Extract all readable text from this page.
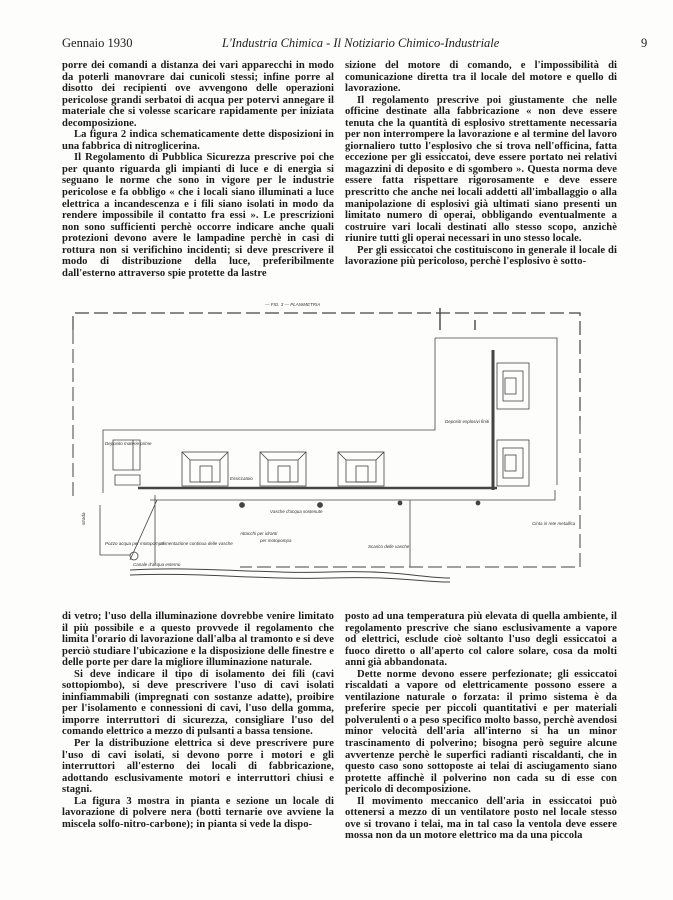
Gennaio 1930	L'Industria Chimica - Il Notiziario Chimico-Industriale	9

porre dei comandi a distanza dei vari apparecchi in modo da poterli manovrare dai cunicoli stessi; infine porre al disotto dei recipienti ove avvengono delle operazioni pericolose grandi serbatoi di acqua per potervi annegare il materiale che si volesse scaricare rapidamente per iniziata decomposizione.

La figura 2 indica schematicamente dette disposizioni in una fabbrica di nitroglicerina.

Il Regolamento di Pubblica Sicurezza prescrive poi che per quanto riguarda gli impianti di luce e di energia si seguano le norme che sono in vigore per le industrie pericolose e fa obbligo « che i locali siano illuminati a luce elettrica a incandescenza e i fili siano isolati in modo da rendere impossibile il contatto fra essi ». Le prescrizioni non sono sufficienti perchè occorre indicare anche quali protezioni devono avere le lampadine perchè in casi di rottura non si verifichino incidenti; si deve prescrivere il modo di distribuzione della luce, preferibilmente dall'esterno attraverso spie protette da lastre

sizione del motore di comando, e l'impossibilità di comunicazione diretta tra il locale del motore e quello di lavorazione.

Il regolamento prescrive poi giustamente che nelle officine destinate alla fabbricazione « non deve essere tenuta che la quantità di esplosivo strettamente necessaria per non interrompere la lavorazione e al termine del lavoro giornaliero tutto l'esplosivo che si trova nell'officina, fatta eccezione per gli essiccatoi, deve essere portato nei relativi magazzini di deposito e di sgombero ». Questa norma deve essere fatta rispettare rigorosamente e deve essere prescritto che anche nei locali addetti all'imballaggio o alla manipolazione di esplosivi già ultimati siano presenti un limitato numero di operai, obbligando eventualmente a costruire vari locali destinati allo stesso scopo, anzichè riunire tutti gli operai necessari in uno stesso locale.

Per gli essiccatoi che costituiscono in generale il locale di lavorazione più pericoloso, perchè l'esplosivo è sotto-

— FIG. 3 — PLANIMETRIA
Deposito materie prime
Pozzo acqua per motopompa
Alimentazione continua delle vasche
Canale d'acqua esterno
Essiccatoio
Vasche d'acqua sostenute
Attacchi per idranti
per motopompa
Depositi esplosivi finiti
Cinta in rete metallica
Scarico delle vasche
strada

di vetro; l'uso della illuminazione dovrebbe venire limitato il più possibile e a questo provvede il regolamento che limita l'orario di lavorazione dall'alba al tramonto e si deve perciò studiare l'ubicazione e la disposizione delle finestre e delle porte per dare la migliore illuminazione naturale.

Si deve indicare il tipo di isolamento dei fili (cavi sottopiombo), si deve prescrivere l'uso di cavi isolati ininfiammabili (impregnati con sostanze adatte), proibire per l'isolamento e connessioni di cavi, l'uso della gomma, imporre interruttori di sicurezza, consigliare l'uso del comando elettrico a mezzo di pulsanti a bassa tensione.

Per la distribuzione elettrica si deve prescrivere pure l'uso di cavi isolati, si devono porre i motori e gli interruttori all'esterno dei locali di fabbricazione, adottando esclusivamente motori e interruttori chiusi e stagni.

La figura 3 mostra in pianta e sezione un locale di lavorazione di polvere nera (botti ternarie ove avviene la miscela solfo-nitro-carbone); in pianta si vede la dispo-

posto ad una temperatura più elevata di quella ambiente, il regolamento prescrive che siano esclusivamente a vapore od elettrici, esclude cioè soltanto l'uso degli essiccatoi a fuoco diretto o all'aperto col calore solare, cosa da molti anni già abbandonata.

Dette norme devono essere perfezionate; gli essiccatoi riscaldati a vapore od elettricamente possono essere a ventilazione naturale o forzata: il primo sistema è da preferire specie per piccoli quantitativi e per materiali polverulenti o a peso specifico molto basso, perchè avendosi minor velocità dell'aria all'interno si ha un minor trascinamento di polverino; bisogna però seguire alcune avvertenze perchè le superfici radianti riscaldanti, che in questo caso sono sottoposte ai telai di asciugamento siano protette affinchè il polverino non cada su di esse con pericolo di decomposizione.

Il movimento meccanico dell'aria in essiccatoi può ottenersi a mezzo di un ventilatore posto nel locale stesso ove si trovano i telai, ma in tal caso la ventola deve essere mossa non da un motore elettrico ma da una piccola
